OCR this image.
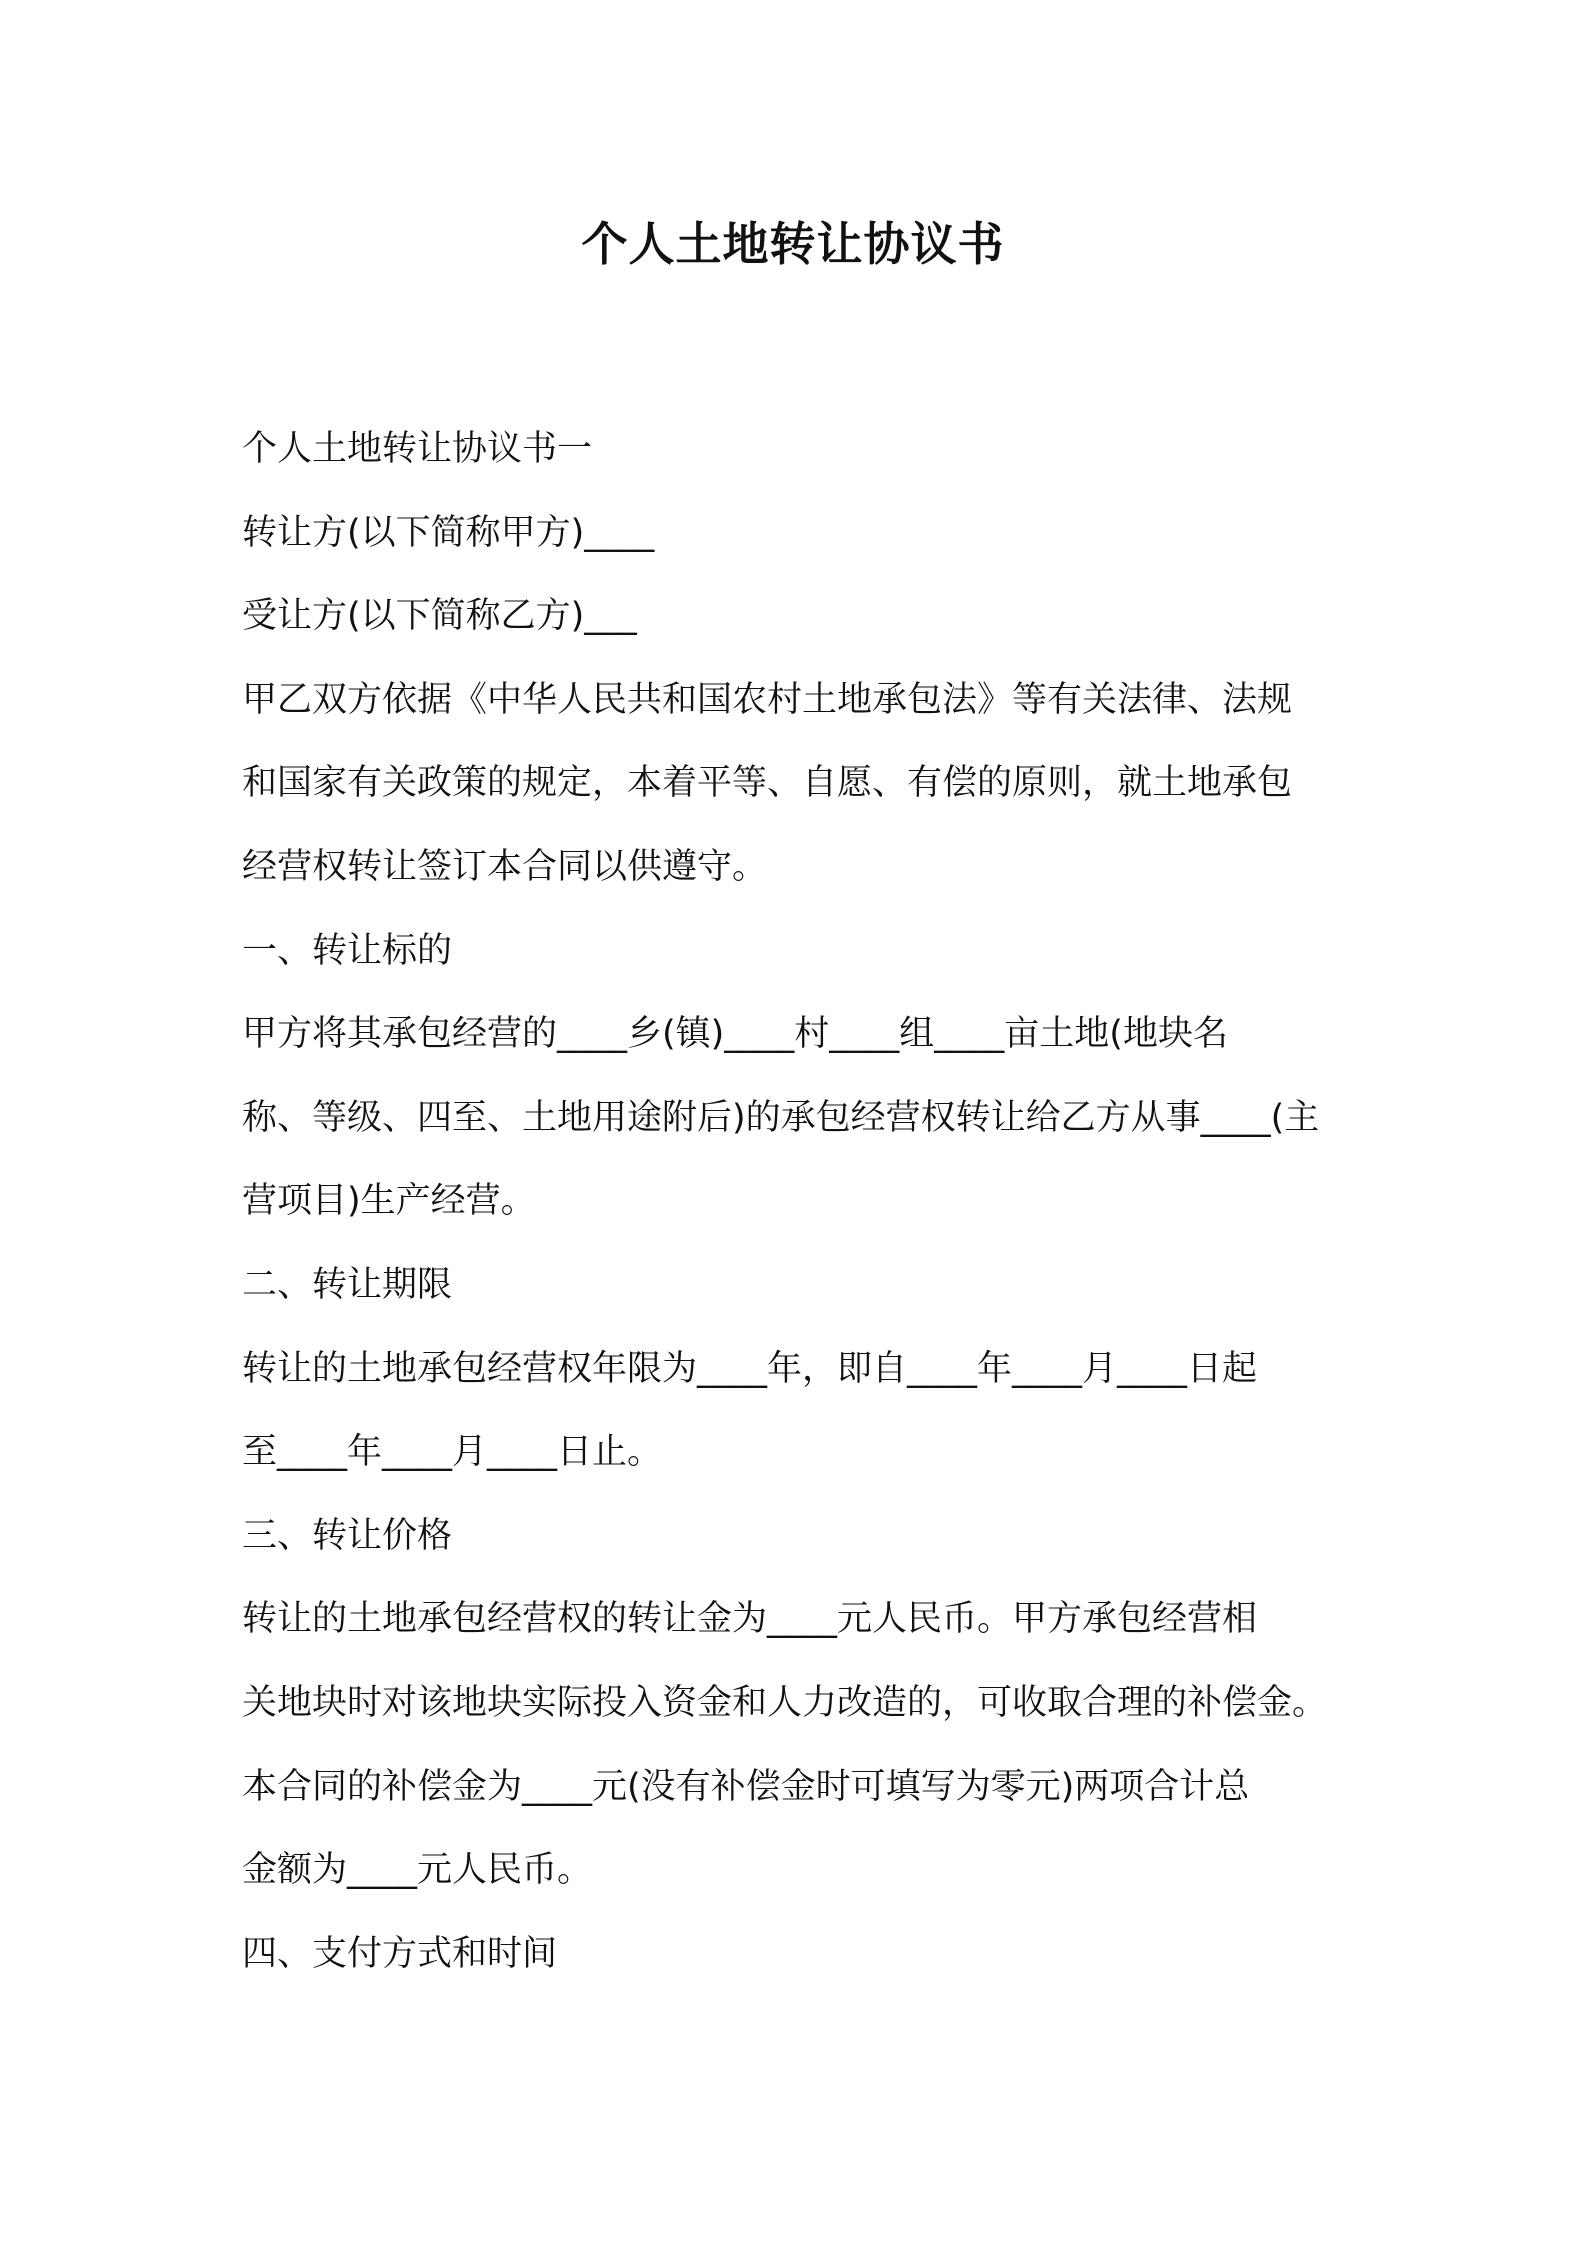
个人土地转让协议书
个人土地转让协议书一
转让方(以下简称甲方)____
受让方(以下简称乙方)___
甲乙双方依据《中华人民共和国农村土地承包法》等有关法律、法规
和国家有关政策的规定，本着平等、自愿、有偿的原则，就土地承包
经营权转让签订本合同以供遵守。
一、转让标的
甲方将其承包经营的____乡(镇)____村____组____亩土地(地块名
称、等级、四至、土地用途附后)的承包经营权转让给乙方从事____(主
营项目)生产经营。
二、转让期限
转让的土地承包经营权年限为____年，即自____年____月____日起
至____年____月____日止。
三、转让价格
转让的土地承包经营权的转让金为____元人民币。甲方承包经营相
关地块时对该地块实际投入资金和人力改造的，可收取合理的补偿金。
本合同的补偿金为____元(没有补偿金时可填写为零元)两项合计总
金额为____元人民币。
四、支付方式和时间
